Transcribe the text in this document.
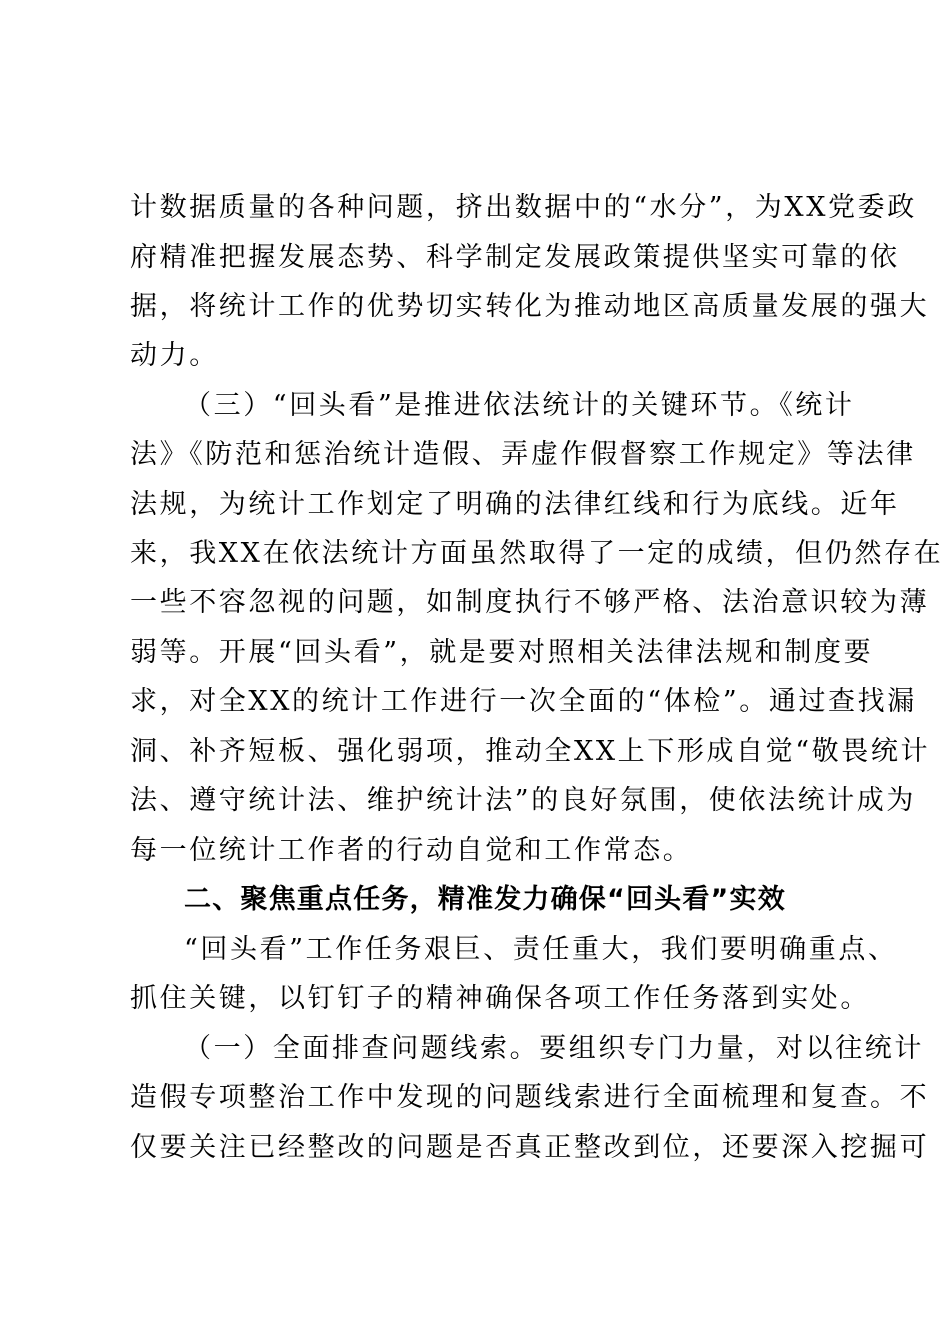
计数据质量的各种问题，挤出数据中的“水分”，为XX党委政
府精准把握发展态势、科学制定发展政策提供坚实可靠的依
据，将统计工作的优势切实转化为推动地区高质量发展的强大
动力。
（三）“回头看”是推进依法统计的关键环节。《统计
法》《防范和惩治统计造假、弄虚作假督察工作规定》等法律
法规，为统计工作划定了明确的法律红线和行为底线。近年
来，我XX在依法统计方面虽然取得了一定的成绩，但仍然存在
一些不容忽视的问题，如制度执行不够严格、法治意识较为薄
弱等。开展“回头看”，就是要对照相关法律法规和制度要
求，对全XX的统计工作进行一次全面的“体检”。通过查找漏
洞、补齐短板、强化弱项，推动全XX上下形成自觉“敬畏统计
法、遵守统计法、维护统计法”的良好氛围，使依法统计成为
每一位统计工作者的行动自觉和工作常态。
二、聚焦重点任务，精准发力确保“回头看”实效
“回头看”工作任务艰巨、责任重大，我们要明确重点、
抓住关键，以钉钉子的精神确保各项工作任务落到实处。
（一）全面排查问题线索。要组织专门力量，对以往统计
造假专项整治工作中发现的问题线索进行全面梳理和复查。不
仅要关注已经整改的问题是否真正整改到位，还要深入挖掘可
